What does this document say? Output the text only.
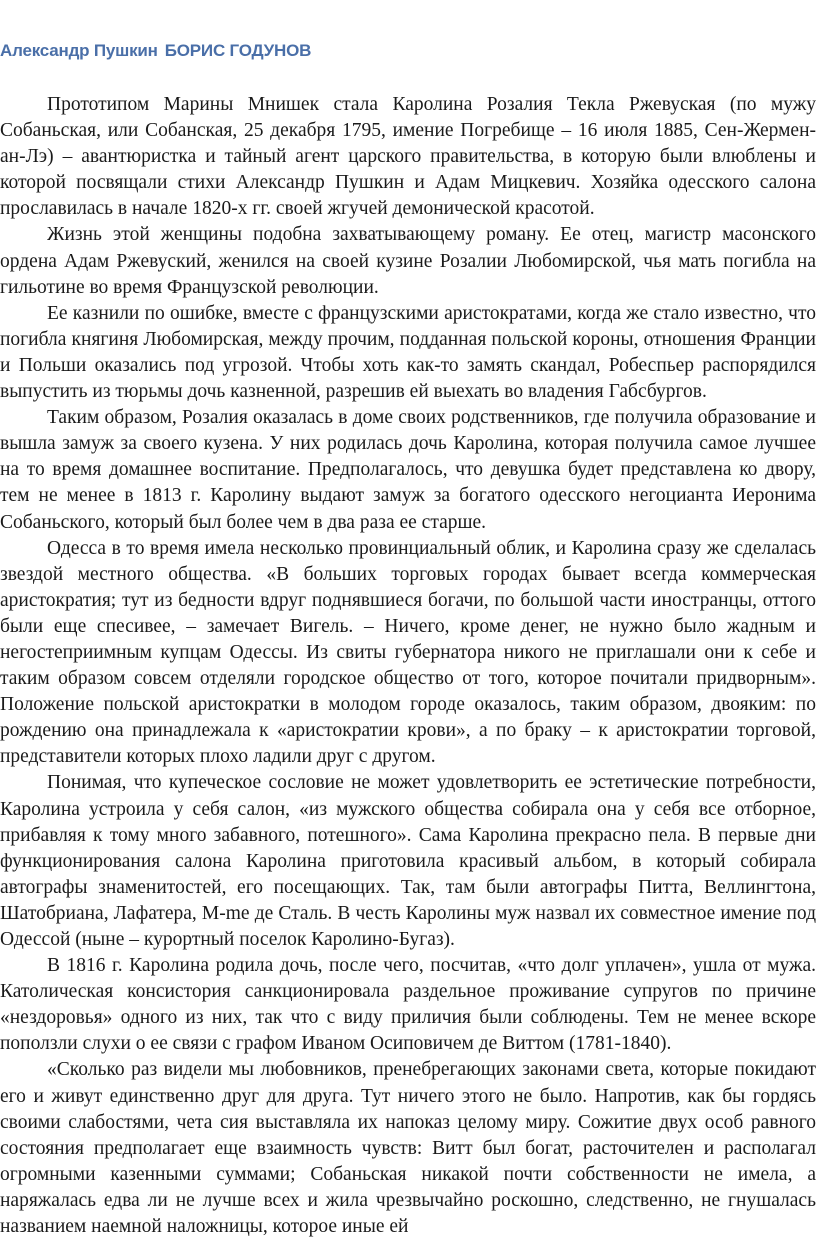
Александр Пушкин БОРИС ГОДУНОВ

Прототипом Марины Мнишек стала Каролина Розалия Текла Ржевуская (по мужу Собаньская, или Собанская, 25 декабря 1795, имение Погребище – 16 июля 1885, Сен-Жермен-ан-Лэ) – авантюристка и тайный агент царского правительства, в которую были влюблены и которой посвящали стихи Александр Пушкин и Адам Мицкевич. Хозяйка одесского салона прославилась в начале 1820-х гг. своей жгучей демонической красотой.

Жизнь этой женщины подобна захватывающему роману. Ее отец, магистр масонского ордена Адам Ржевуский, женился на своей кузине Розалии Любомирской, чья мать погибла на гильотине во время Французской революции.

Ее казнили по ошибке, вместе с французскими аристократами, когда же стало известно, что погибла княгиня Любомирская, между прочим, подданная польской короны, отношения Франции и Польши оказались под угрозой. Чтобы хоть как-то замять скандал, Робеспьер распорядился выпустить из тюрьмы дочь казненной, разрешив ей выехать во владения Габсбургов.

Таким образом, Розалия оказалась в доме своих родственников, где получила образование и вышла замуж за своего кузена. У них родилась дочь Каролина, которая получила самое лучшее на то время домашнее воспитание. Предполагалось, что девушка будет представлена ко двору, тем не менее в 1813 г. Каролину выдают замуж за богатого одесского негоцианта Иеронима Собаньского, который был более чем в два раза ее старше.

Одесса в то время имела несколько провинциальный облик, и Каролина сразу же сделалась звездой местного общества. «В больших торговых городах бывает всегда коммерческая аристократия; тут из бедности вдруг поднявшиеся богачи, по большой части иностранцы, оттого были еще спесивее, – замечает Вигель. – Ничего, кроме денег, не нужно было жадным и негостеприимным купцам Одессы. Из свиты губернатора никого не приглашали они к себе и таким образом совсем отделяли городское общество от того, которое почитали придворным». Положение польской аристократки в молодом городе оказалось, таким образом, двояким: по рождению она принадлежала к «аристократии крови», а по браку – к аристократии торговой, представители которых плохо ладили друг с другом.

Понимая, что купеческое сословие не может удовлетворить ее эстетические потребности, Каролина устроила у себя салон, «из мужского общества собирала она у себя все отборное, прибавляя к тому много забавного, потешного». Сама Каролина прекрасно пела. В первые дни функционирования салона Каролина приготовила красивый альбом, в который собирала автографы знаменитостей, его посещающих. Так, там были автографы Питта, Веллингтона, Шатобриана, Лафатера, М-me де Сталь. В честь Каролины муж назвал их совместное имение под Одессой (ныне – курортный поселок Каролино-Бугаз).

В 1816 г. Каролина родила дочь, после чего, посчитав, «что долг уплачен», ушла от мужа. Католическая консистория санкционировала раздельное проживание супругов по причине «нездоровья» одного из них, так что с виду приличия были соблюдены. Тем не менее вскоре поползли слухи о ее связи с графом Иваном Осиповичем де Виттом (1781-1840).

«Сколько раз видели мы любовников, пренебрегающих законами света, которые покидают его и живут единственно друг для друга. Тут ничего этого не было. Напротив, как бы гордясь своими слабостями, чета сия выставляла их напоказ целому миру. Сожитие двух особ равного состояния предполагает еще взаимность чувств: Витт был богат, расточителен и располагал огромными казенными суммами; Собаньская никакой почти собственности не имела, а наряжалась едва ли не лучше всех и жила чрезвычайно роскошно, следственно, не гнушалась названием наемной наложницы, которое иные ей
